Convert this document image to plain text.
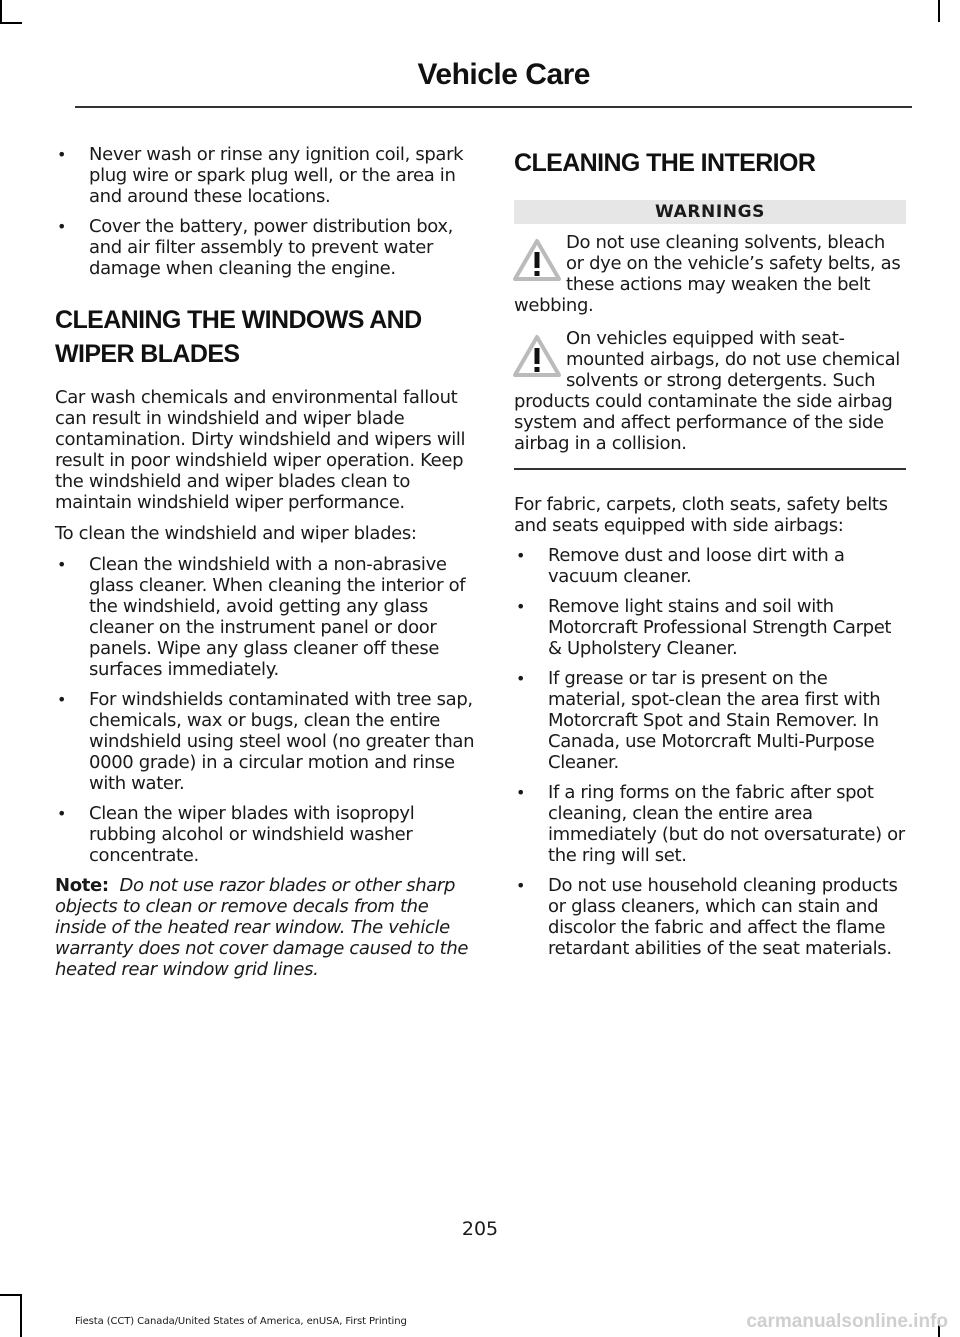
Vehicle Care
• Never wash or rinse any ignition coil, spark plug wire or spark plug well, or the area in and around these locations.
• Cover the battery, power distribution box, and air filter assembly to prevent water damage when cleaning the engine.
CLEANING THE WINDOWS AND
WIPER BLADES

Car wash chemicals and environmental fallout can result in windshield and wiper blade contamination. Dirty windshield and wipers will result in poor windshield wiper operation. Keep the windshield and wiper blades clean to maintain windshield wiper performance.

To clean the windshield and wiper blades:

• Clean the windshield with a non-abrasive glass cleaner. When cleaning the interior of the windshield, avoid getting any glass cleaner on the instrument panel or door panels. Wipe any glass cleaner off these surfaces immediately.
• For windshields contaminated with tree sap, chemicals, wax or bugs, clean the entire windshield using steel wool (no greater than 0000 grade) in a circular motion and rinse with water.
• Clean the wiper blades with isopropyl rubbing alcohol or windshield washer concentrate.

Note: Do not use razor blades or other sharp objects to clean or remove decals from the inside of the heated rear window. The vehicle warranty does not cover damage caused to the heated rear window grid lines.

CLEANING THE INTERIOR
WARNINGS
Do not use cleaning solvents, bleach or dye on the vehicle’s safety belts, as these actions may weaken the belt webbing.
On vehicles equipped with seat-mounted airbags, do not use chemical solvents or strong detergents. Such products could contaminate the side airbag system and affect performance of the side airbag in a collision.

For fabric, carpets, cloth seats, safety belts and seats equipped with side airbags:

• Remove dust and loose dirt with a vacuum cleaner.
• Remove light stains and soil with Motorcraft Professional Strength Carpet & Upholstery Cleaner.
• If grease or tar is present on the material, spot-clean the area first with Motorcraft Spot and Stain Remover. In Canada, use Motorcraft Multi-Purpose Cleaner.
• If a ring forms on the fabric after spot cleaning, clean the entire area immediately (but do not oversaturate) or the ring will set.
• Do not use household cleaning products or glass cleaners, which can stain and discolor the fabric and affect the flame retardant abilities of the seat materials.
205
Fiesta (CCT) Canada/United States of America, enUSA, First Printing	carmanualsonline.info
